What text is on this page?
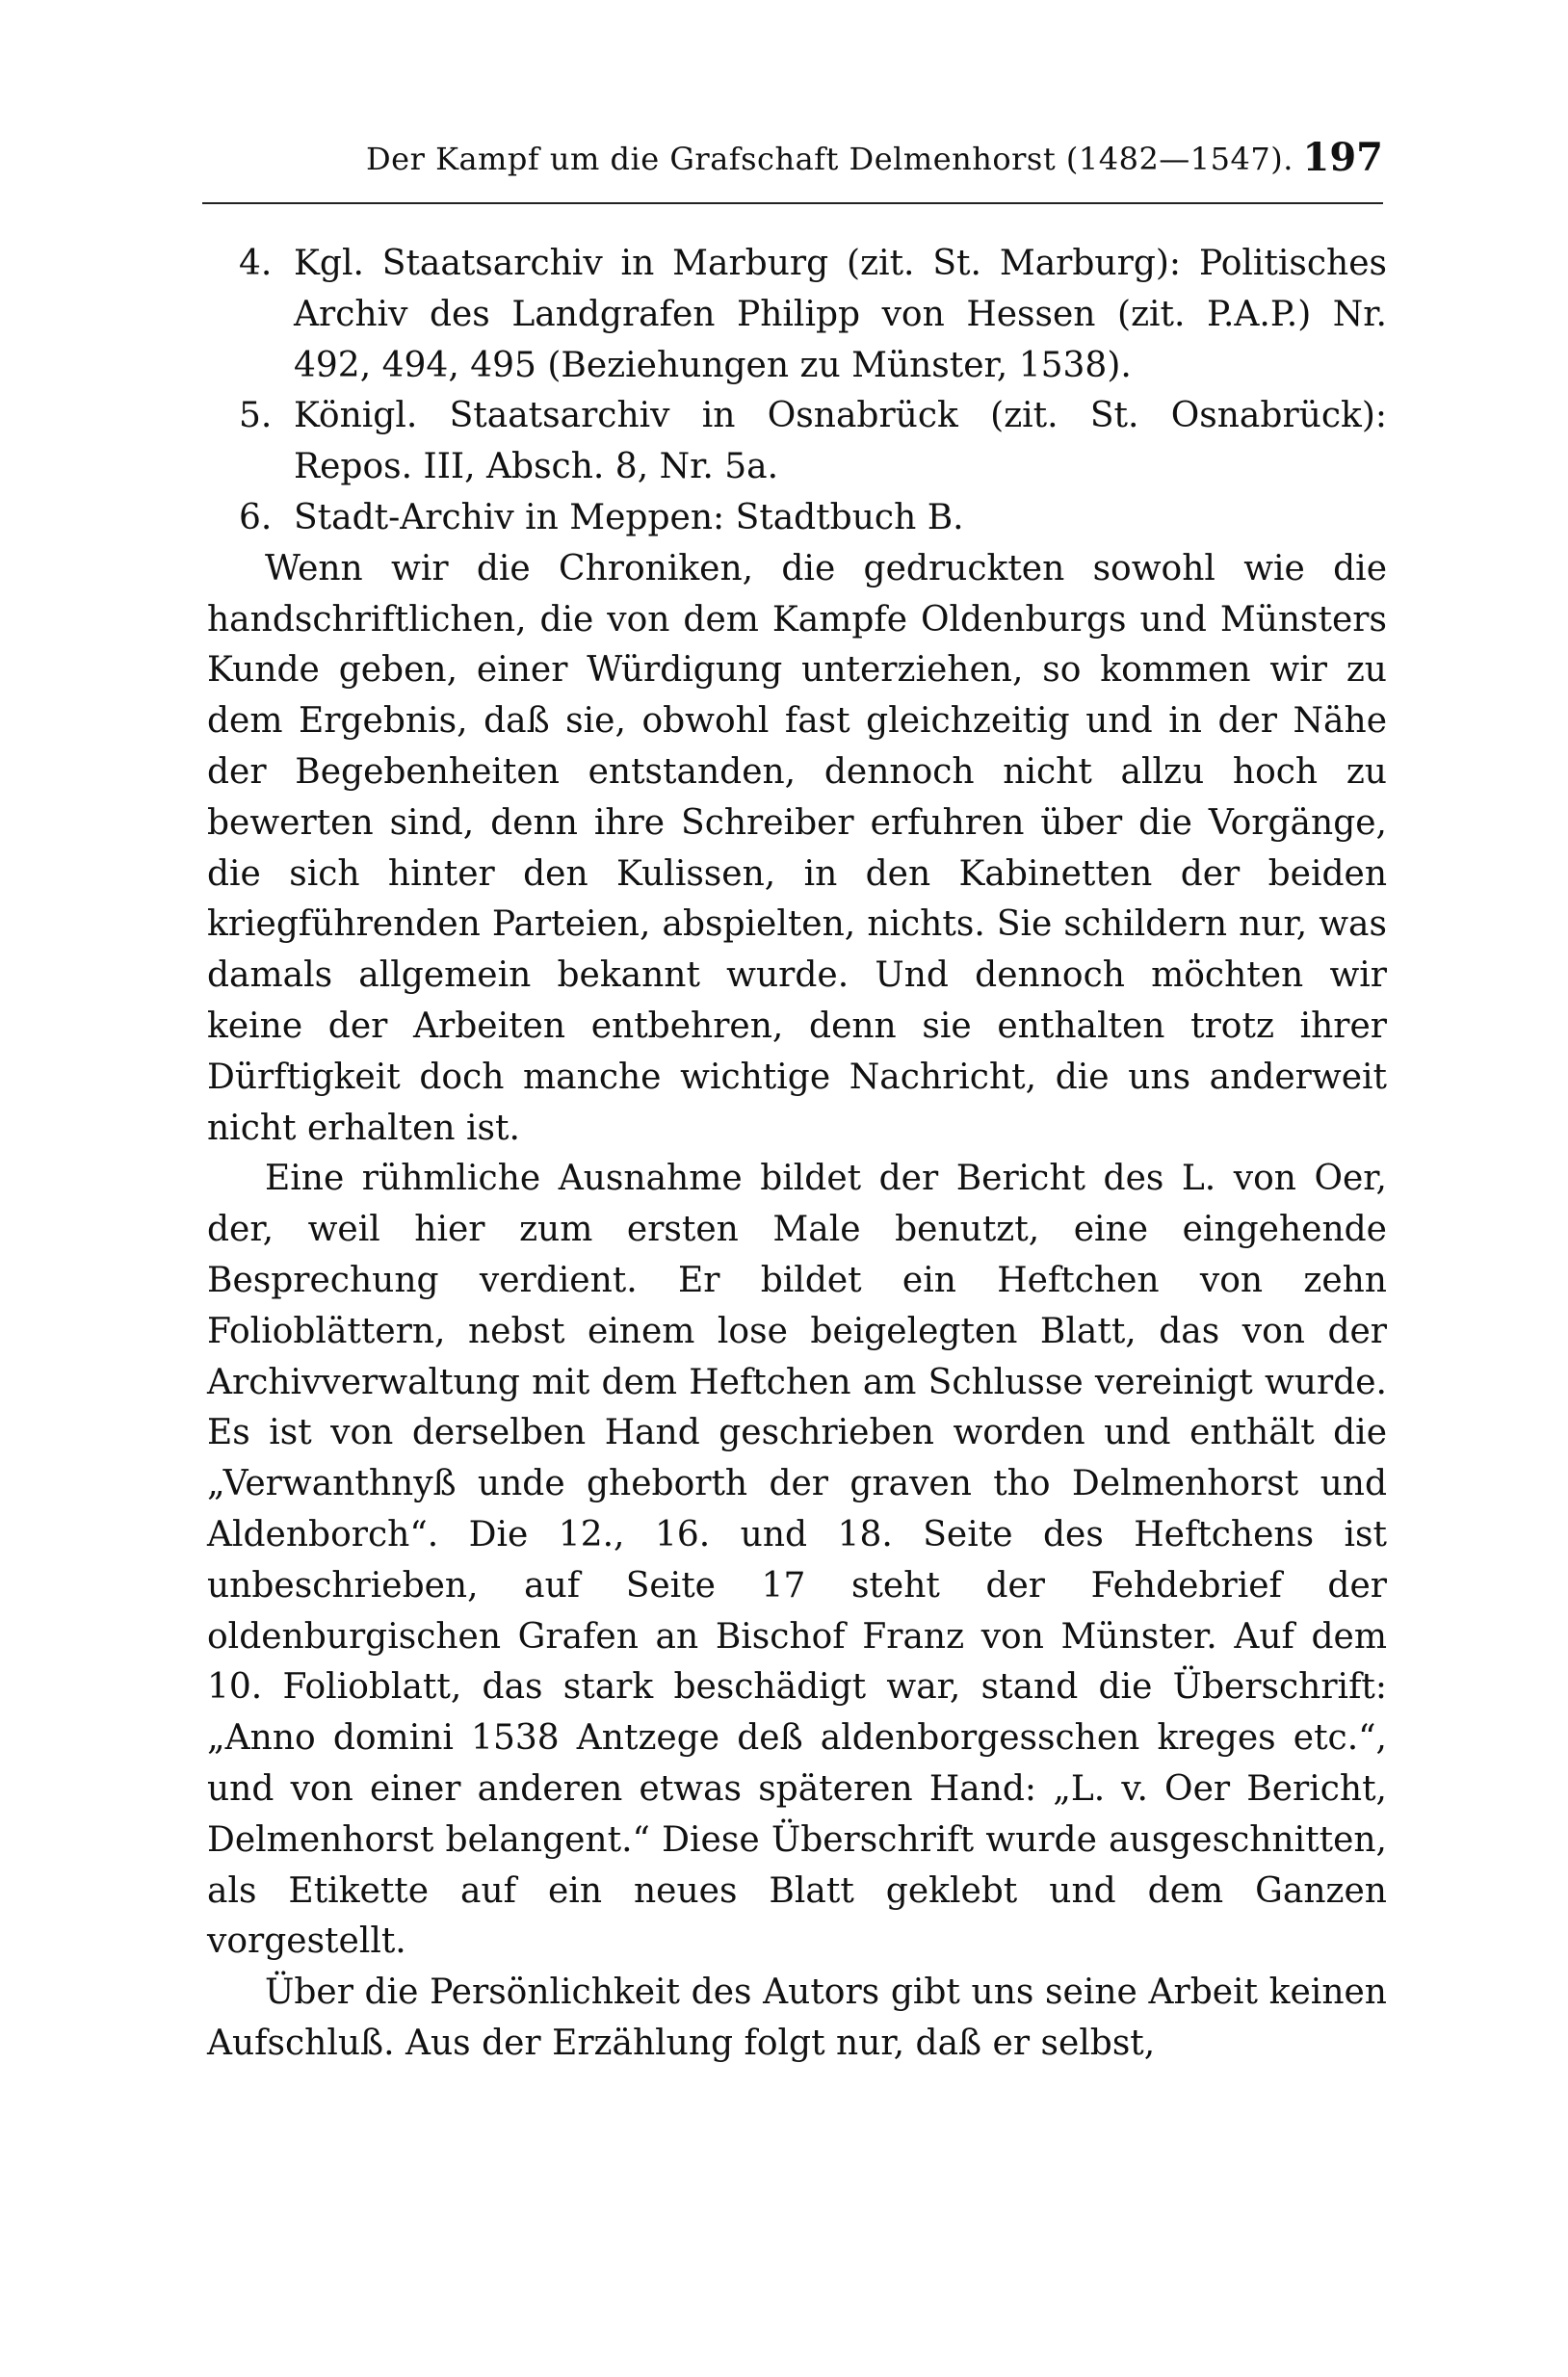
Der Kampf um die Grafschaft Delmenhorst (1482—1547). 197

4. Kgl. Staatsarchiv in Marburg (zit. St. Marburg): Politisches Archiv des Landgrafen Philipp von Hessen (zit. P.A.P.) Nr. 492, 494, 495 (Beziehungen zu Münster, 1538).

5. Königl. Staatsarchiv in Osnabrück (zit. St. Osnabrück): Repos. III, Absch. 8, Nr. 5a.

6. Stadt-Archiv in Meppen: Stadtbuch B.

Wenn wir die Chroniken, die gedruckten sowohl wie die handschriftlichen, die von dem Kampfe Oldenburgs und Münsters Kunde geben, einer Würdigung unterziehen, so kommen wir zu dem Ergebnis, daß sie, obwohl fast gleichzeitig und in der Nähe der Begebenheiten entstanden, dennoch nicht allzu hoch zu bewerten sind, denn ihre Schreiber erfuhren über die Vorgänge, die sich hinter den Kulissen, in den Kabinetten der beiden kriegführenden Parteien, abspielten, nichts. Sie schildern nur, was damals allgemein bekannt wurde. Und dennoch möchten wir keine der Arbeiten entbehren, denn sie enthalten trotz ihrer Dürftigkeit doch manche wichtige Nachricht, die uns anderweit nicht erhalten ist.

Eine rühmliche Ausnahme bildet der Bericht des L. von Oer, der, weil hier zum ersten Male benutzt, eine eingehende Besprechung verdient. Er bildet ein Heftchen von zehn Folioblättern, nebst einem lose beigelegten Blatt, das von der Archivverwaltung mit dem Heftchen am Schlusse vereinigt wurde. Es ist von derselben Hand geschrieben worden und enthält die „Verwanthnyß unde gheborth der graven tho Delmenhorst und Aldenborch“. Die 12., 16. und 18. Seite des Heftchens ist unbeschrieben, auf Seite 17 steht der Fehdebrief der oldenburgischen Grafen an Bischof Franz von Münster. Auf dem 10. Folioblatt, das stark beschädigt war, stand die Überschrift: „Anno domini 1538 Antzege deß aldenborgesschen kreges etc.“, und von einer anderen etwas späteren Hand: „L. v. Oer Bericht, Delmenhorst belangent.“ Diese Überschrift wurde ausgeschnitten, als Etikette auf ein neues Blatt geklebt und dem Ganzen vorgestellt.

Über die Persönlichkeit des Autors gibt uns seine Arbeit keinen Aufschluß. Aus der Erzählung folgt nur, daß er selbst,
